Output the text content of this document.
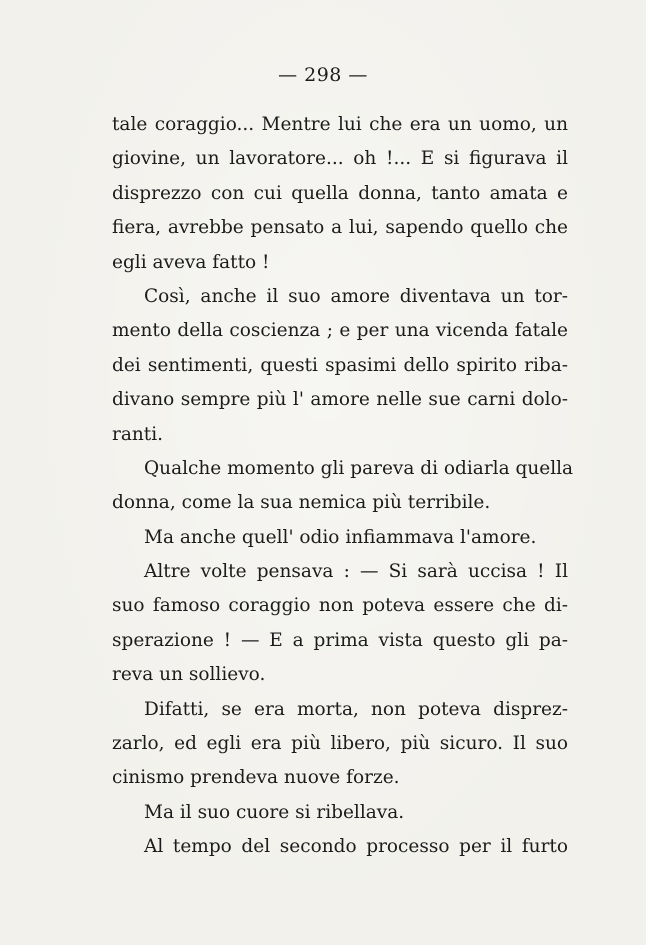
— 298 —
tale coraggio... Mentre lui che era un uomo, un
giovine, un lavoratore... oh !... E si figurava il
disprezzo con cui quella donna, tanto amata e
fiera, avrebbe pensato a lui, sapendo quello che
egli aveva fatto !
Così, anche il suo amore diventava un tor-
mento della coscienza ; e per una vicenda fatale
dei sentimenti, questi spasimi dello spirito riba-
divano sempre più l' amore nelle sue carni dolo-
ranti.
Qualche momento gli pareva di odiarla quella
donna, come la sua nemica più terribile.
Ma anche quell' odio infiammava l'amore.
Altre volte pensava : — Si sarà uccisa ! Il
suo famoso coraggio non poteva essere che di-
sperazione ! — E a prima vista questo gli pa-
reva un sollievo.
Difatti, se era morta, non poteva disprez-
zarlo, ed egli era più libero, più sicuro. Il suo
cinismo prendeva nuove forze.
Ma il suo cuore si ribellava.
Al tempo del secondo processo per il furto
